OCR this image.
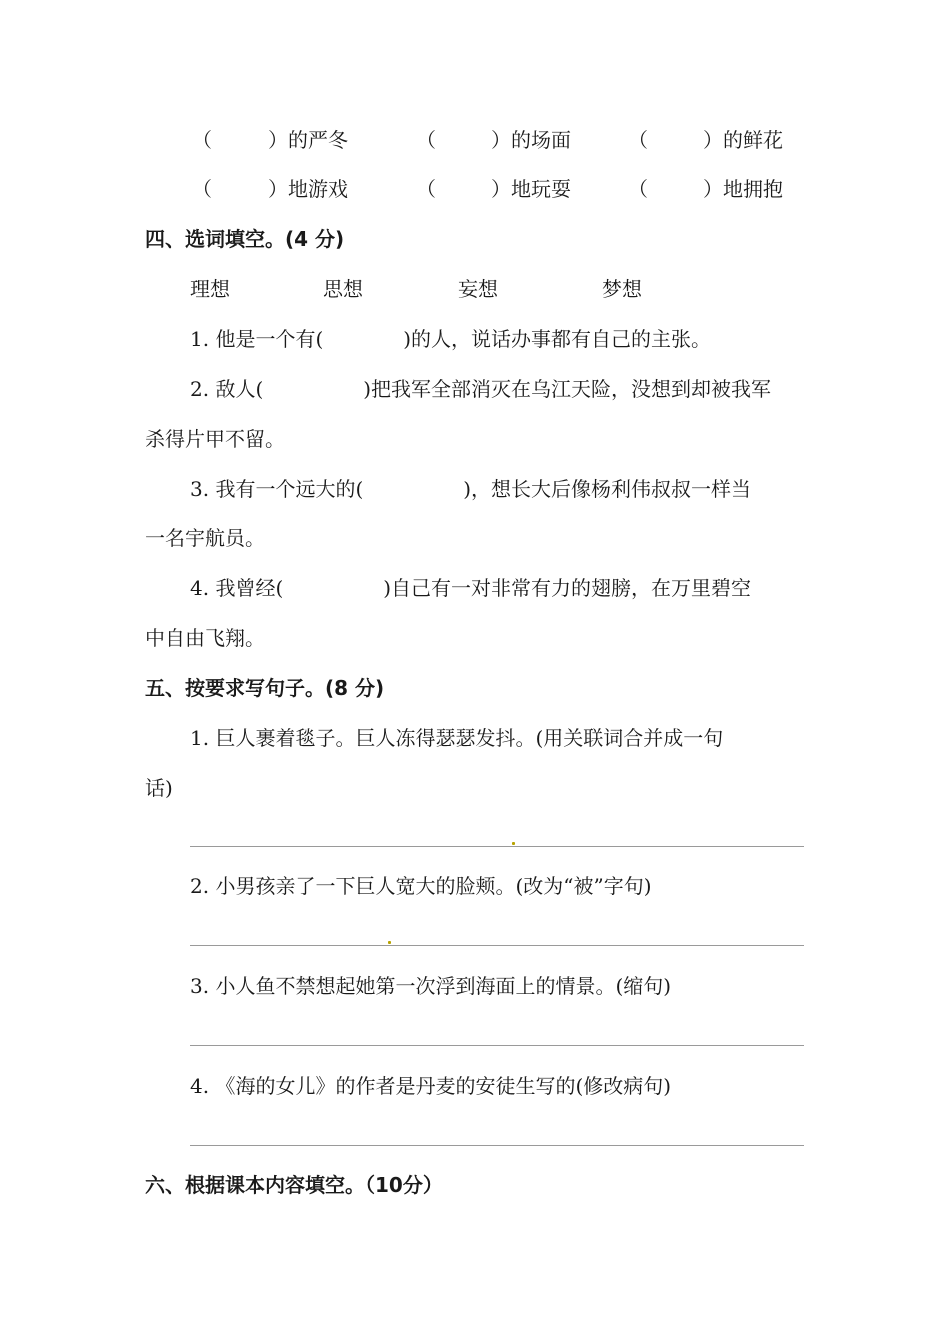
（	）的严冬	（	）的场面	（	）的鲜花
（	）地游戏	（	）地玩耍	（	）地拥抱
四、选词填空。(4 分)
理想	思想	妄想	梦想
1. 他是一个有(　　　　)的人，说话办事都有自己的主张。
2. 敌人(　　　　　)把我军全部消灭在乌江天险，没想到却被我军
杀得片甲不留。
3. 我有一个远大的(　　　　　)，想长大后像杨利伟叔叔一样当
一名宇航员。
4. 我曾经(　　　　　)自己有一对非常有力的翅膀，在万里碧空
中自由飞翔。
五、按要求写句子。(8 分)
1. 巨人裹着毯子。巨人冻得瑟瑟发抖。(用关联词合并成一句
话)
2. 小男孩亲了一下巨人宽大的脸颊。(改为“被”字句)
3. 小人鱼不禁想起她第一次浮到海面上的情景。(缩句)
4. 《海的女儿》的作者是丹麦的安徒生写的(修改病句)
六、根据课本内容填空。（10分）
